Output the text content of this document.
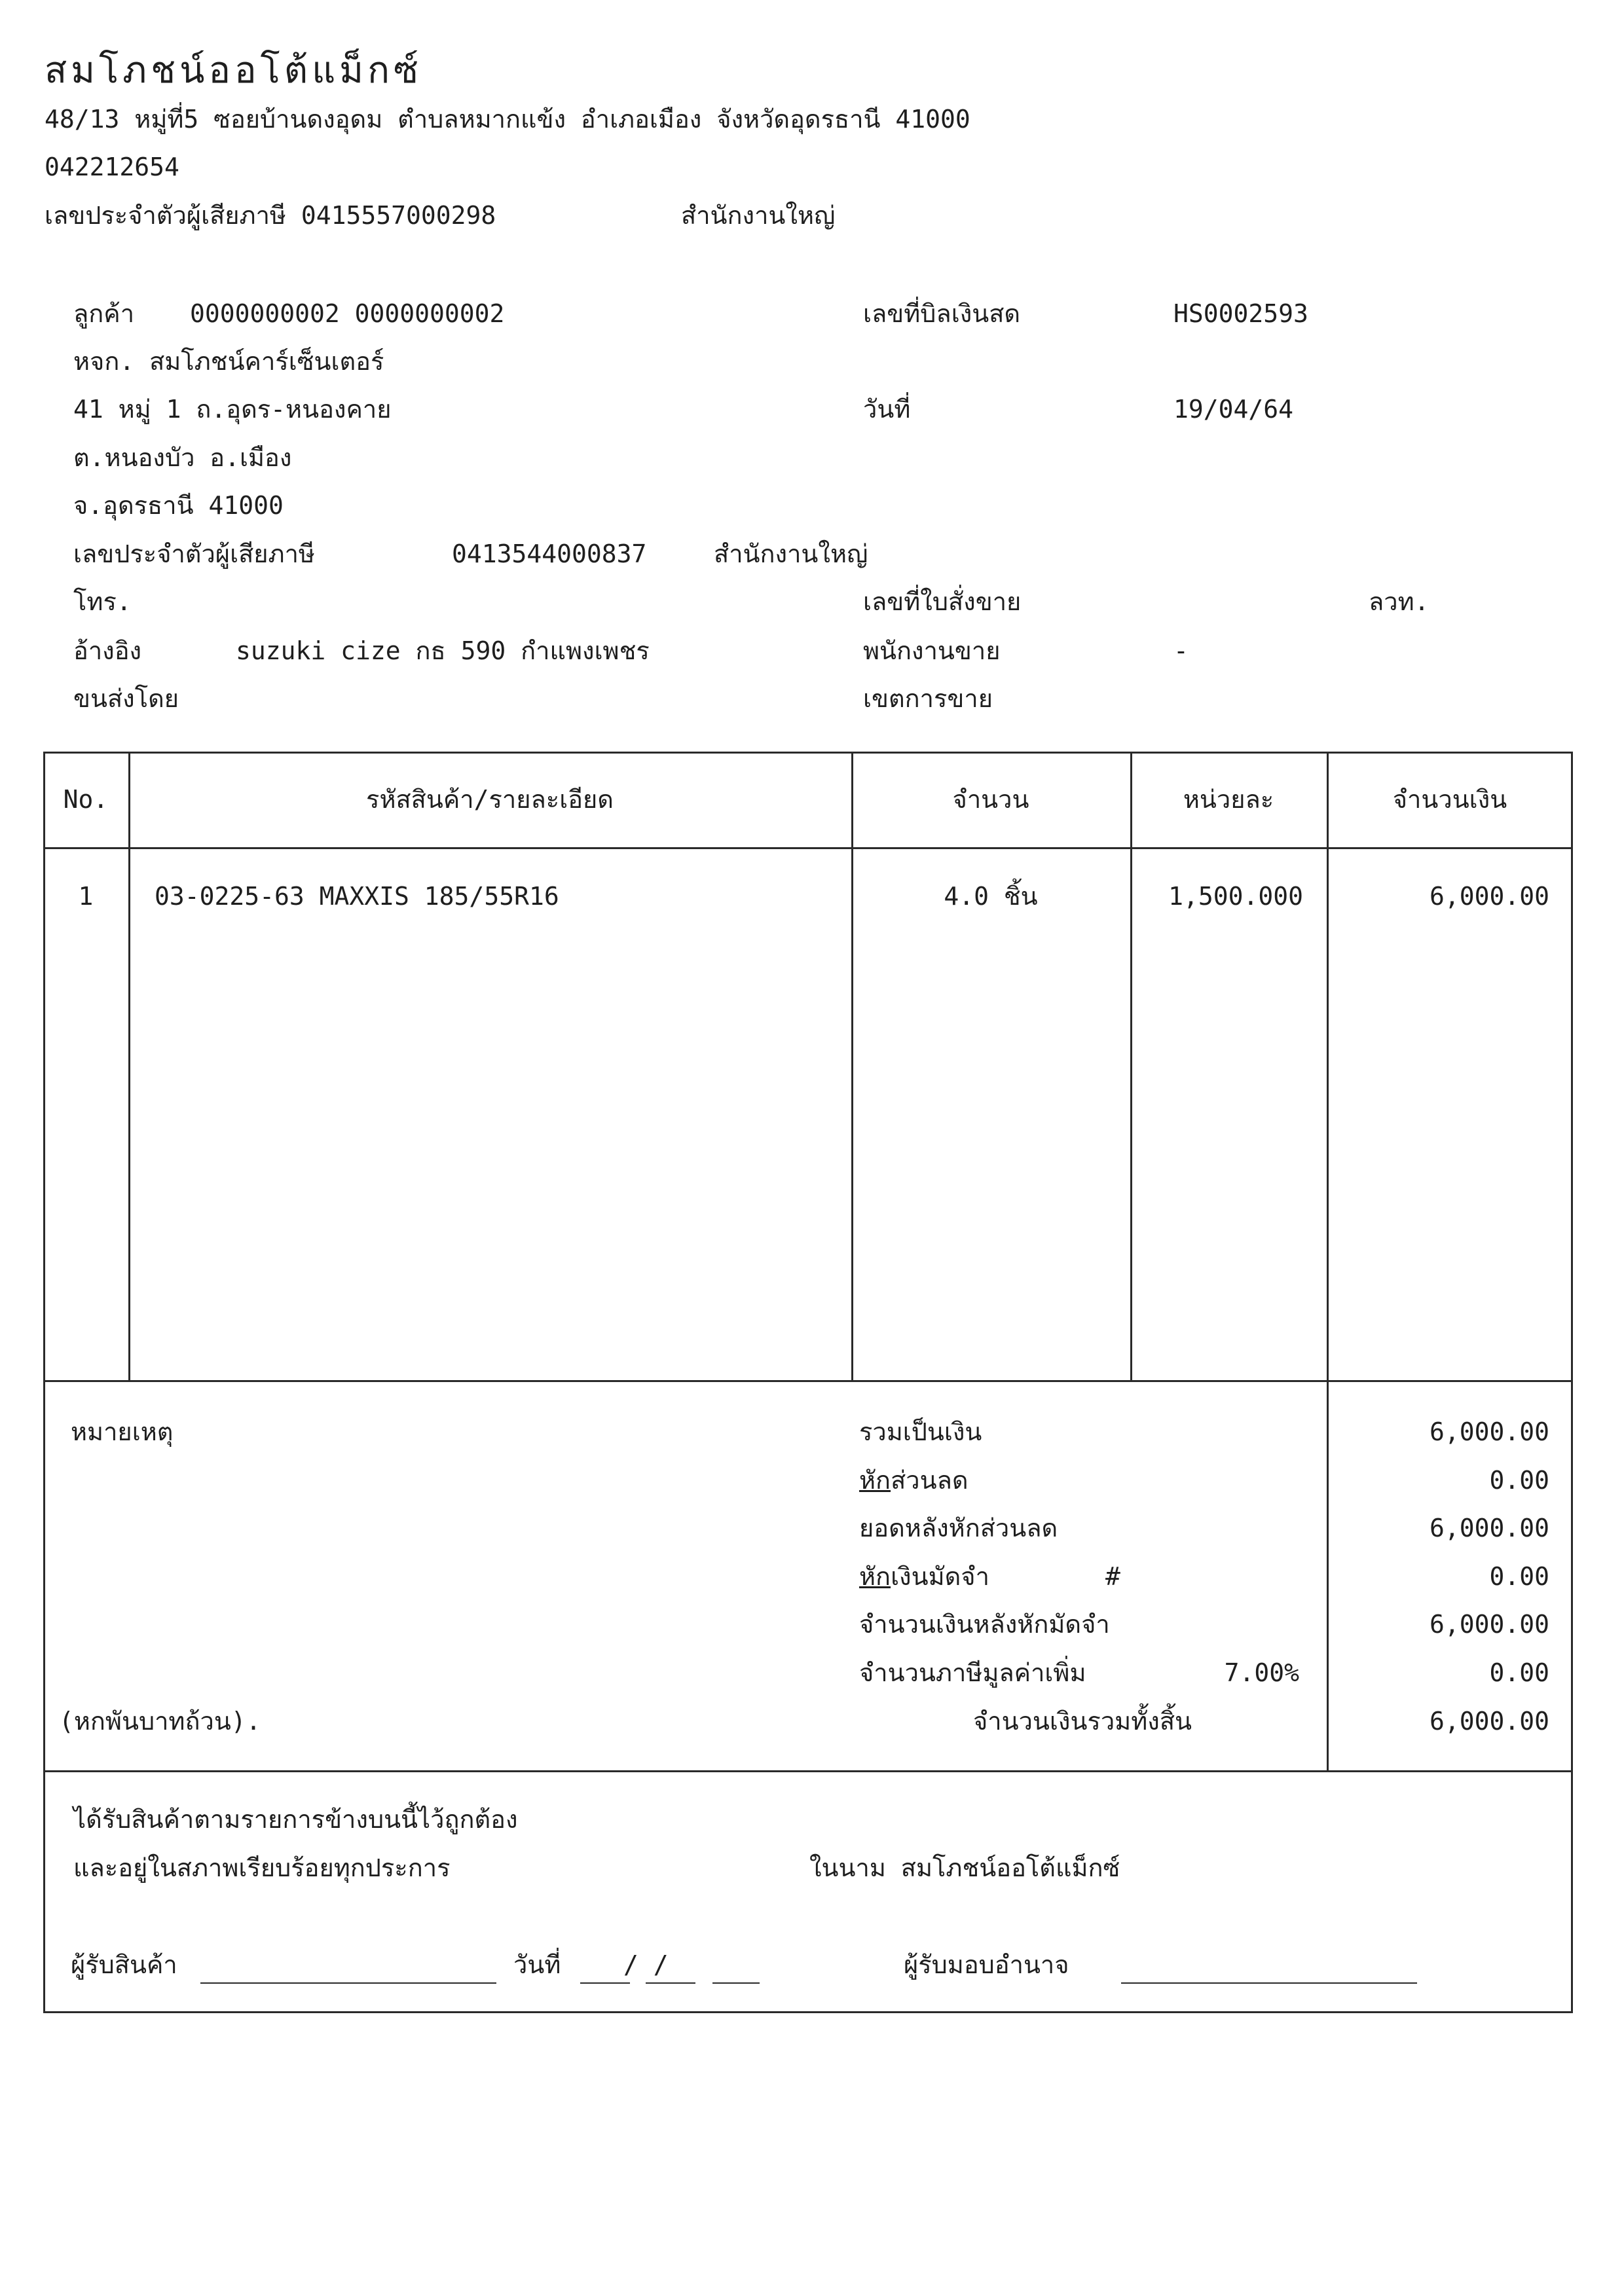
สมโภชน์ออโต้แม็กซ์
48/13 หมู่ที่5 ซอยบ้านดงอุดม ตำบลหมากแข้ง อำเภอเมือง จังหวัดอุดรธานี 41000
042212654
เลขประจำตัวผู้เสียภาษี 0415557000298	สำนักงานใหญ่
ลูกค้า 0000000002 0000000002
หจก. สมโภชน์คาร์เซ็นเตอร์
41 หมู่ 1 ถ.อุดร-หนองคาย
ต.หนองบัว อ.เมือง
จ.อุดรธานี 41000
เลขประจำตัวผู้เสียภาษี	0413544000837	สำนักงานใหญ่
โทร.
อ้างอิง	suzuki cize กธ 590 กำแพงเพชร
ขนส่งโดย
เลขที่บิลเงินสด	HS0002593
วันที่	19/04/64
เลขที่ใบสั่งขาย	ลวท.
พนักงานขาย	-
เขตการขาย
No.	รหัสสินค้า/รายละเอียด	จำนวน	หน่วยละ	จำนวนเงิน
1	03-0225-63 MAXXIS 185/55R16	4.0 ชิ้น	1,500.000	6,000.00
หมายเหตุ
(หกพันบาทถ้วน).
รวมเป็นเงิน	6,000.00
หักส่วนลด	0.00
ยอดหลังหักส่วนลด	6,000.00
หักเงินมัดจำ	#	0.00
จำนวนเงินหลังหักมัดจำ	6,000.00
จำนวนภาษีมูลค่าเพิ่ม	7.00%	0.00
จำนวนเงินรวมทั้งสิ้น	6,000.00
ได้รับสินค้าตามรายการข้างบนนี้ไว้ถูกต้อง
และอยู่ในสภาพเรียบร้อยทุกประการ	ในนาม สมโภชน์ออโต้แม็กซ์
ผู้รับสินค้า	วันที่	/ /	ผู้รับมอบอำนาจ
